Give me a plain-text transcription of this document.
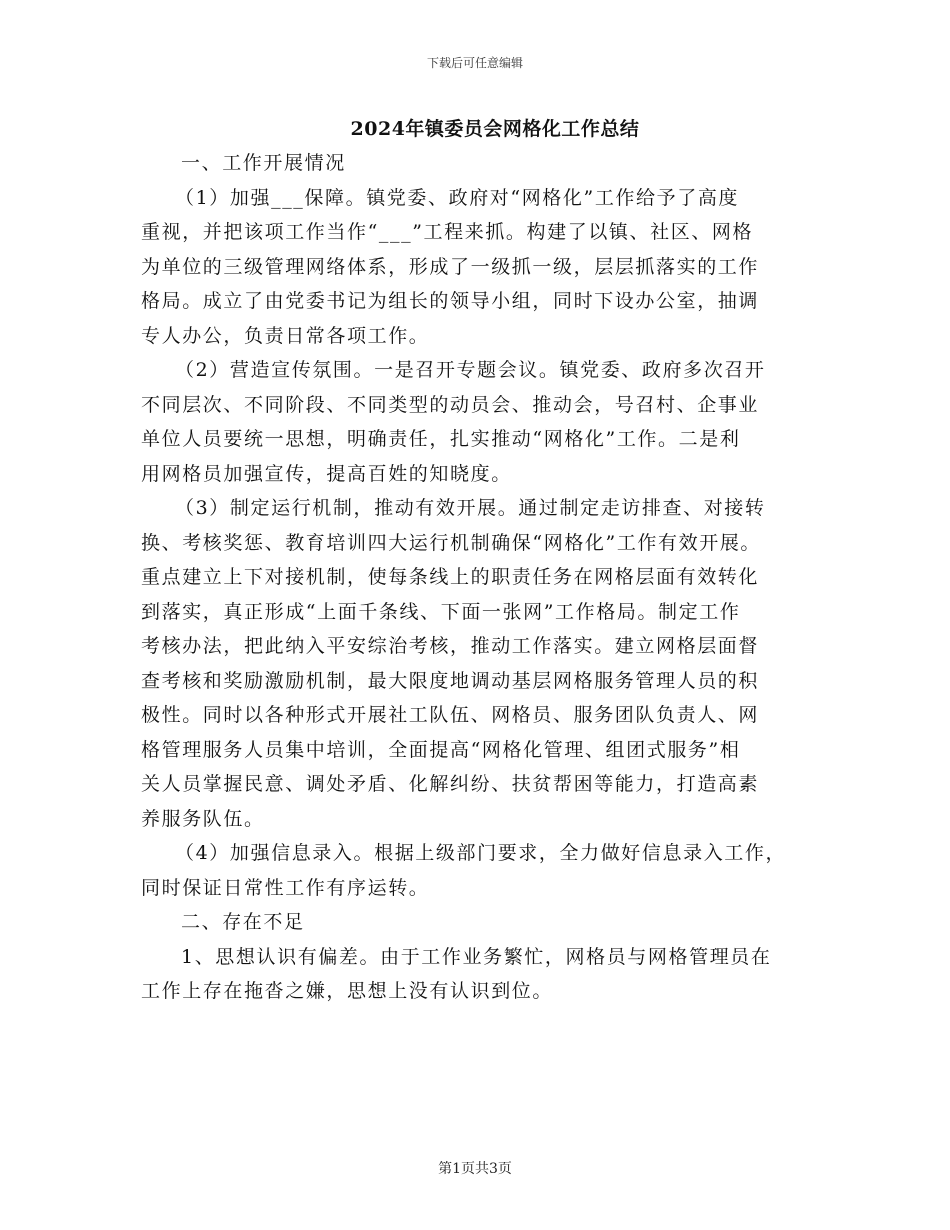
下载后可任意编辑
2024年镇委员会网格化工作总结
一、工作开展情况
（1）加强___保障。镇党委、政府对“网格化”工作给予了高度
重视，并把该项工作当作“___”工程来抓。构建了以镇、社区、网格
为单位的三级管理网络体系，形成了一级抓一级，层层抓落实的工作
格局。成立了由党委书记为组长的领导小组，同时下设办公室，抽调
专人办公，负责日常各项工作。
（2）营造宣传氛围。一是召开专题会议。镇党委、政府多次召开
不同层次、不同阶段、不同类型的动员会、推动会，号召村、企事业
单位人员要统一思想，明确责任，扎实推动“网格化”工作。二是利
用网格员加强宣传，提高百姓的知晓度。
（3）制定运行机制，推动有效开展。通过制定走访排查、对接转
换、考核奖惩、教育培训四大运行机制确保“网格化”工作有效开展。
重点建立上下对接机制，使每条线上的职责任务在网格层面有效转化
到落实，真正形成“上面千条线、下面一张网”工作格局。制定工作
考核办法，把此纳入平安综治考核，推动工作落实。建立网格层面督
查考核和奖励激励机制，最大限度地调动基层网格服务管理人员的积
极性。同时以各种形式开展社工队伍、网格员、服务团队负责人、网
格管理服务人员集中培训，全面提高“网格化管理、组团式服务”相
关人员掌握民意、调处矛盾、化解纠纷、扶贫帮困等能力，打造高素
养服务队伍。
（4）加强信息录入。根据上级部门要求，全力做好信息录入工作，
同时保证日常性工作有序运转。
二、存在不足
1、思想认识有偏差。由于工作业务繁忙，网格员与网格管理员在
工作上存在拖沓之嫌，思想上没有认识到位。
第1页共3页
